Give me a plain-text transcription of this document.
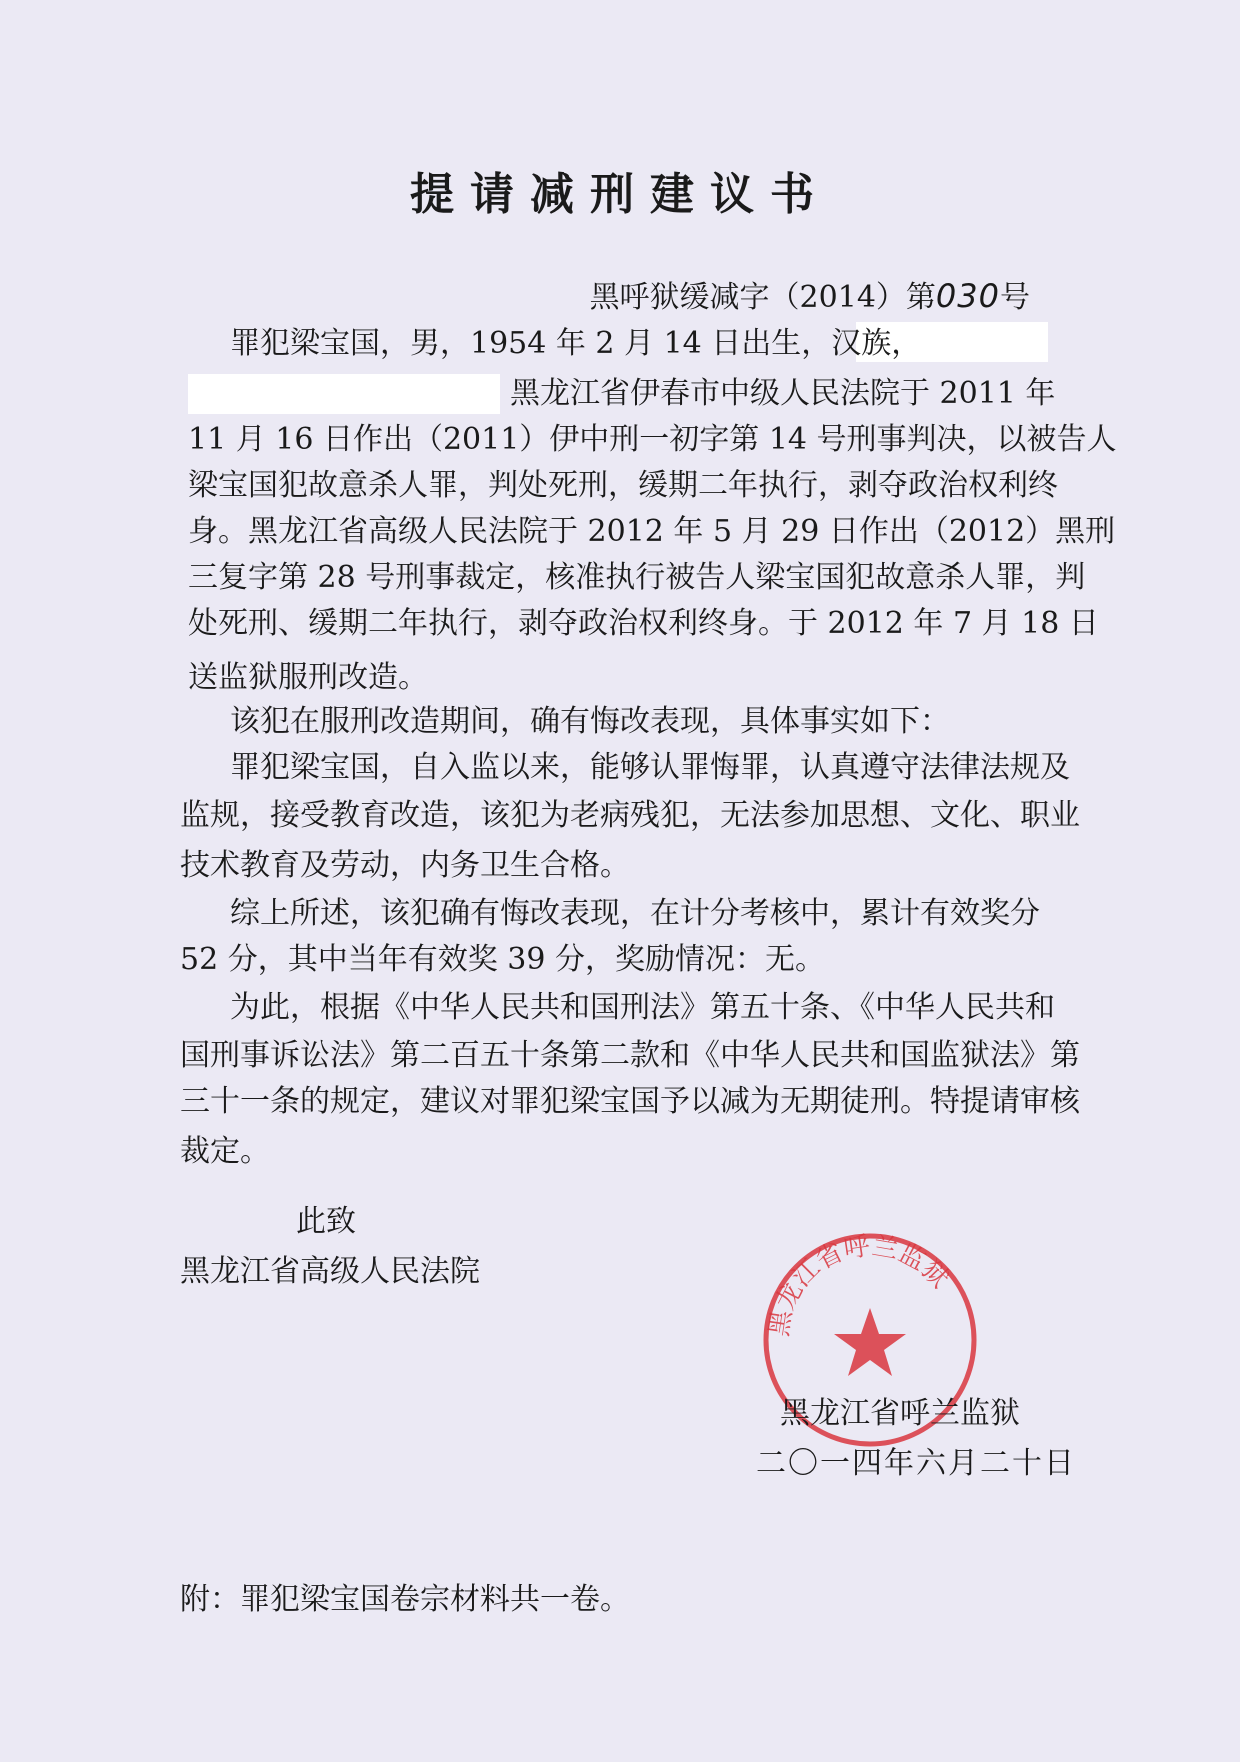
提请减刑建议书
黑呼狱缓减字（2014）第030号
罪犯梁宝国，男，1954 年 2 月 14 日出生，汉族，
黑龙江省伊春市中级人民法院于 2011 年
11 月 16 日作出（2011）伊中刑一初字第 14 号刑事判决，以被告人
梁宝国犯故意杀人罪，判处死刑，缓期二年执行，剥夺政治权利终
身。黑龙江省高级人民法院于 2012 年 5 月 29 日作出（2012）黑刑
三复字第 28 号刑事裁定，核准执行被告人梁宝国犯故意杀人罪，判
处死刑、缓期二年执行，剥夺政治权利终身。于 2012 年 7 月 18 日
送监狱服刑改造。
该犯在服刑改造期间，确有悔改表现，具体事实如下：
罪犯梁宝国，自入监以来，能够认罪悔罪，认真遵守法律法规及
监规，接受教育改造，该犯为老病残犯，无法参加思想、文化、职业
技术教育及劳动，内务卫生合格。
综上所述，该犯确有悔改表现，在计分考核中，累计有效奖分
52 分，其中当年有效奖 39 分，奖励情况：无。
为此，根据《中华人民共和国刑法》第五十条、《中华人民共和
国刑事诉讼法》第二百五十条第二款和《中华人民共和国监狱法》第
三十一条的规定，建议对罪犯梁宝国予以减为无期徒刑。特提请审核
裁定。
此致
黑龙江省高级人民法院
黑龙江省呼兰监狱
黑龙江省呼兰监狱
二〇一四年六月二十日
附：罪犯梁宝国卷宗材料共一卷。
